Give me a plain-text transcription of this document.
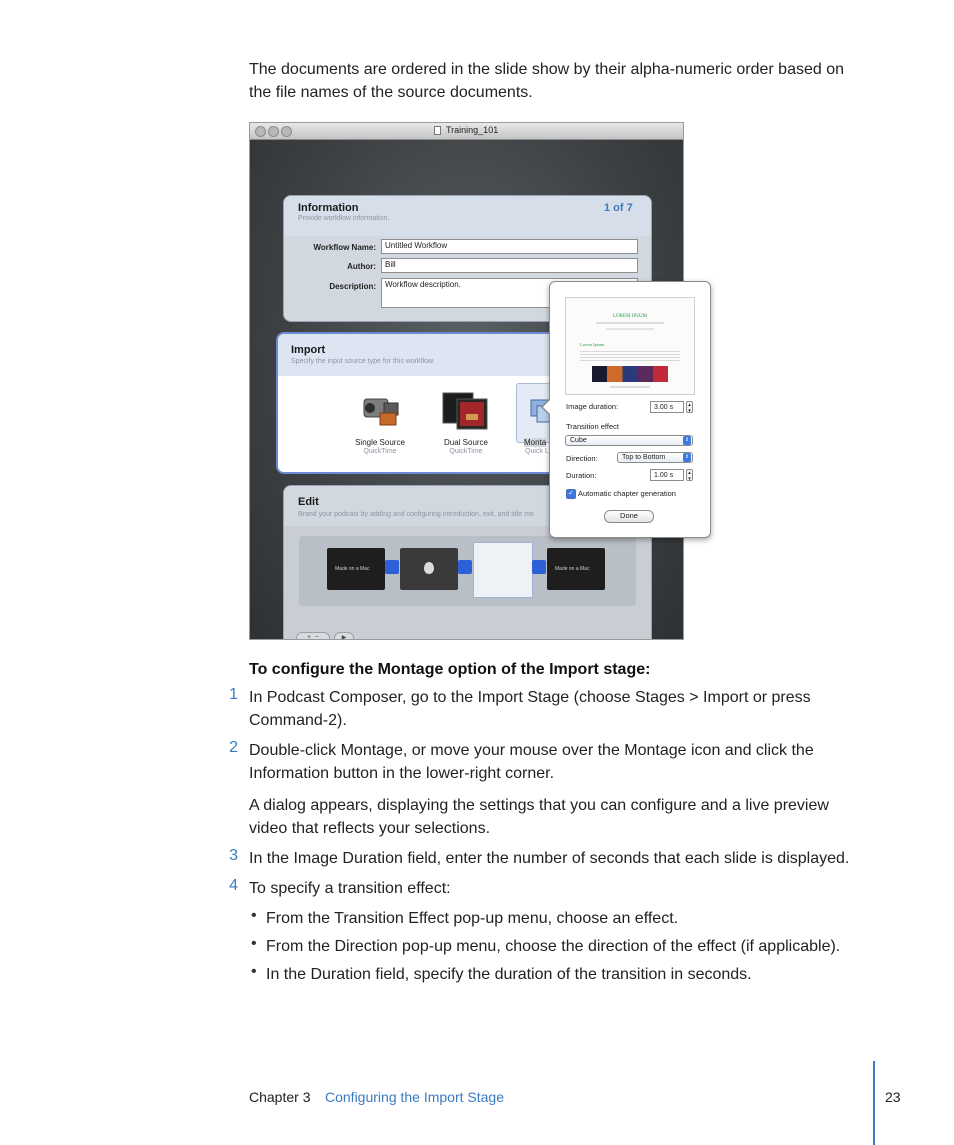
The documents are ordered in the slide show by their alpha-numeric order based on the file names of the source documents.
Training_101
Information
Provide workflow information.
1 of 7
Workflow Name:	Untitled Workflow
Author:	Bill
Description:	Workflow description.
Import
Specify the input source type for this workflow.
Single Source
QuickTime
Dual Source
QuickTime
Monta
Quick L
Edit
Brand your podcast by adding and configuring introduction, exit, and title mo
Made on a Mac	Made on a Mac
+  −	▶
LOREM IPSUM
Lorem Ipsum
Image duration:	3.00 s	▴
▾
Transition effect
Cube	⇕
Direction:	Top to Bottom	⇕
Duration:	1.00 s	▴
▾
✓ Automatic chapter generation
Done
To configure the Montage option of the Import stage:
1 In Podcast Composer, go to the Import Stage (choose Stages > Import or press Command-2).
2 Double-click Montage, or move your mouse over the Montage icon and click the Information button in the lower-right corner.
A dialog appears, displaying the settings that you can configure and a live preview video that reflects your selections.
3 In the Image Duration field, enter the number of seconds that each slide is displayed.
4 To specify a transition effect:
• From the Transition Effect pop-up menu, choose an effect.
• From the Direction pop-up menu, choose the direction of the effect (if applicable).
• In the Duration field, specify the duration of the transition in seconds.
Chapter 3 Configuring the Import Stage	23
